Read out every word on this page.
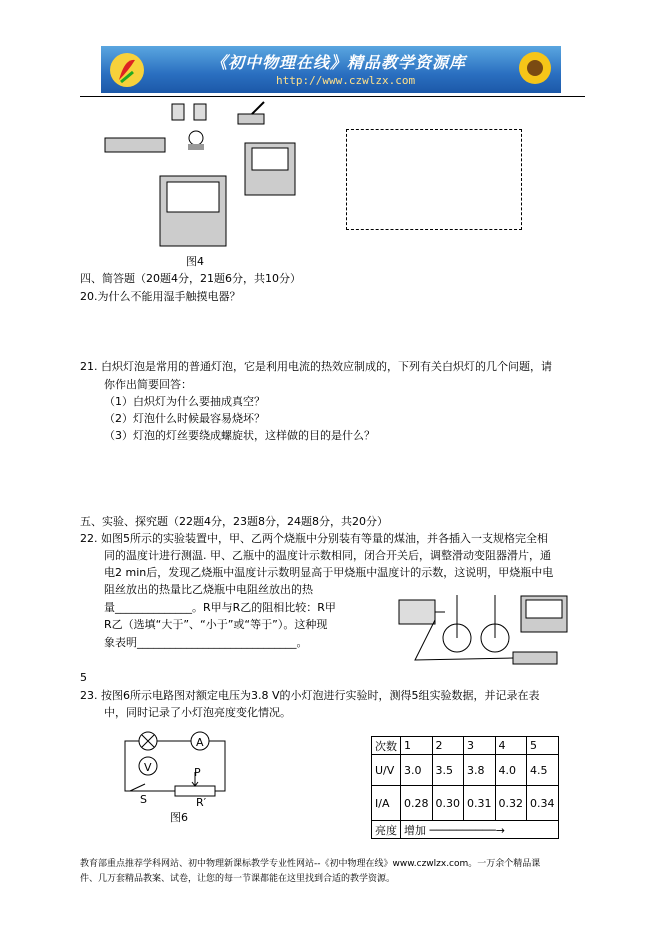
《初中物理在线》精品教学资源库
http://www.czwlzx.com
图4
四、简答题（20题4分，21题6分，共10分）
20.为什么不能用湿手触摸电器？
21. 白炽灯泡是常用的普通灯泡，它是利用电流的热效应制成的，下列有关白炽灯的几个问题，请
你作出简要回答：
（1）白炽灯为什么要抽成真空？
（2）灯泡什么时候最容易烧坏？
（3）灯泡的灯丝要绕成螺旋状，这样做的目的是什么？
五、实验、探究题（22题4分，23题8分，24题8分，共20分）
22. 如图5所示的实验装置中，甲、乙两个烧瓶中分别装有等量的煤油，并各插入一支规格完全相
同的温度计进行测温. 甲、乙瓶中的温度计示数相同，闭合开关后，调整滑动变阻器滑片，通
电2 min后，发现乙烧瓶中温度计示数明显高于甲烧瓶中温度计的示数，这说明，甲烧瓶中电
阻丝放出的热量比乙烧瓶中电阻丝放出的热
量______________。R甲与R乙的阻相比较：R甲
R乙（选填“大于”、“小于”或“等于”）。这种现
象表明_____________________________。
5
23. 按图6所示电路图对额定电压为3.8 V的小灯泡进行实验时，测得5组实验数据，并记录在表
中，同时记录了小灯泡亮度变化情况。
A
V	P
S	R′
图6
次数	1	2	3	4	5
U/V	3.0	3.5	3.8	4.0	4.5
I/A	0.28	0.30	0.31	0.32	0.34
亮度	增加 ──────────→				
教育部重点推荐学科网站、初中物理新课标教学专业性网站--《初中物理在线》www.czwlzx.com。一万余个精品课
件、几万套精品教案、试卷，让您的每一节课都能在这里找到合适的教学资源。
